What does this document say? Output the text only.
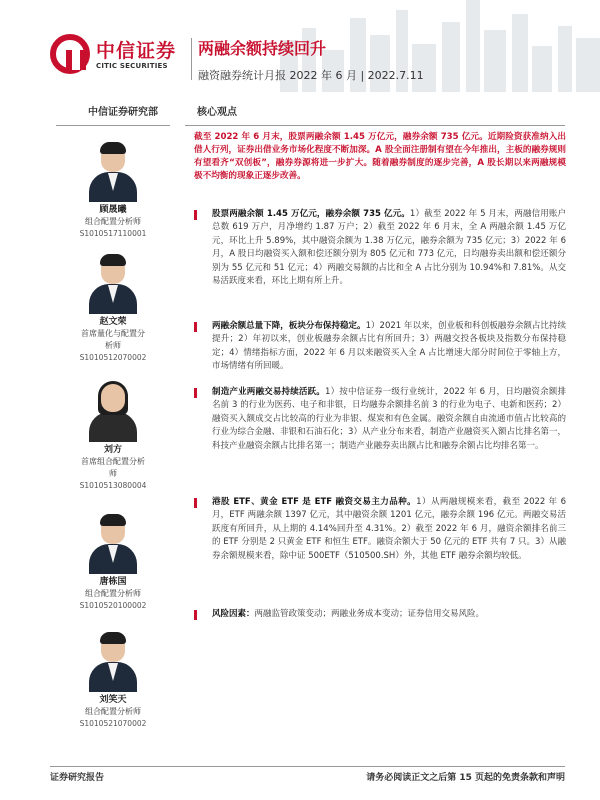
中信证券
CITIC SECURITIES
两融余额持续回升
融资融券统计月报 2022 年 6 月 | 2022.7.11
中信证券研究部	核心观点
顾晟曦
组合配置分析师
S1010517110001
赵文荣
首席量化与配置分
析师
S1010512070002
刘方
首席组合配置分析
师
S1010513080004
唐栋国
组合配置分析师
S1010520100002
刘笑天
组合配置分析师
S1010521070002
截至 2022 年 6 月末，股票两融余额 1.45 万亿元，融券余额 735 亿元。近期险资获准纳入出借人行列，证券出借业务市场化程度不断加深。A 股全面注册制有望在今年推出，主板的融券规则有望看齐“双创板”，融券券源将进一步扩大。随着融券制度的逐步完善，A 股长期以来两融规模极不均衡的现象正逐步改善。
股票两融余额 1.45 万亿元，融券余额 735 亿元。1）截至 2022 年 5 月末，两融信用账户总数 619 万户，月净增约 1.87 万户；2）截至 2022 年 6 月末，全 A 两融余额 1.45 万亿元，环比上升 5.89%，其中融资余额为 1.38 万亿元，融券余额为 735 亿元；3）2022 年 6 月，A 股日均融资买入额和偿还额分别为 805 亿元和 773 亿元，日均融券卖出额和偿还额分别为 55 亿元和 51 亿元；4）两融交易额的占比和全 A 占比分别为 10.94%和 7.81%。从交易活跃度来看，环比上期有所上升。
两融余额总量下降，板块分布保持稳定。1）2021 年以来，创业板和科创板融券余额占比持续提升；2）年初以来，创业板融券余额占比有所回升；3）两融交投各板块及指数分布保持稳定；4）情绪指标方面，2022 年 6 月以来融资买入全 A 占比增速大部分时间位于零轴上方，市场情绪有所回暖。
制造产业两融交易持续活跃。1）按中信证券一级行业统计，2022 年 6 月，日均融资余额排名前 3 的行业为医药、电子和非银，日均融券余额排名前 3 的行业为电子、电新和医药；2）融资买入额成交占比较高的行业为非银、煤炭和有色金属。融资余额自由流通市值占比较高的行业为综合金融、非银和石油石化；3）从产业分布来看，制造产业融资买入额占比排名第一，科技产业融资余额占比排名第一；制造产业融券卖出额占比和融券余额占比均排名第一。
港股 ETF、黄金 ETF 是 ETF 融资交易主力品种。1）从两融规模来看，截至 2022 年 6 月，ETF 两融余额 1397 亿元，其中融资余额 1201 亿元，融券余额 196 亿元。两融交易活跃度有所回升，从上期的 4.14%回升至 4.31%。2）截至 2022 年 6 月，融资余额排名前三的 ETF 分别是 2 只黄金 ETF 和恒生 ETF。融资余额大于 50 亿元的 ETF 共有 7 只。3）从融券余额规模来看，除中证 500ETF（510500.SH）外，其他 ETF 融券余额均较低。
风险因素：两融监管政策变动；两融业务成本变动；证券信用交易风险。
证券研究报告	请务必阅读正文之后第 15 页起的免责条款和声明
